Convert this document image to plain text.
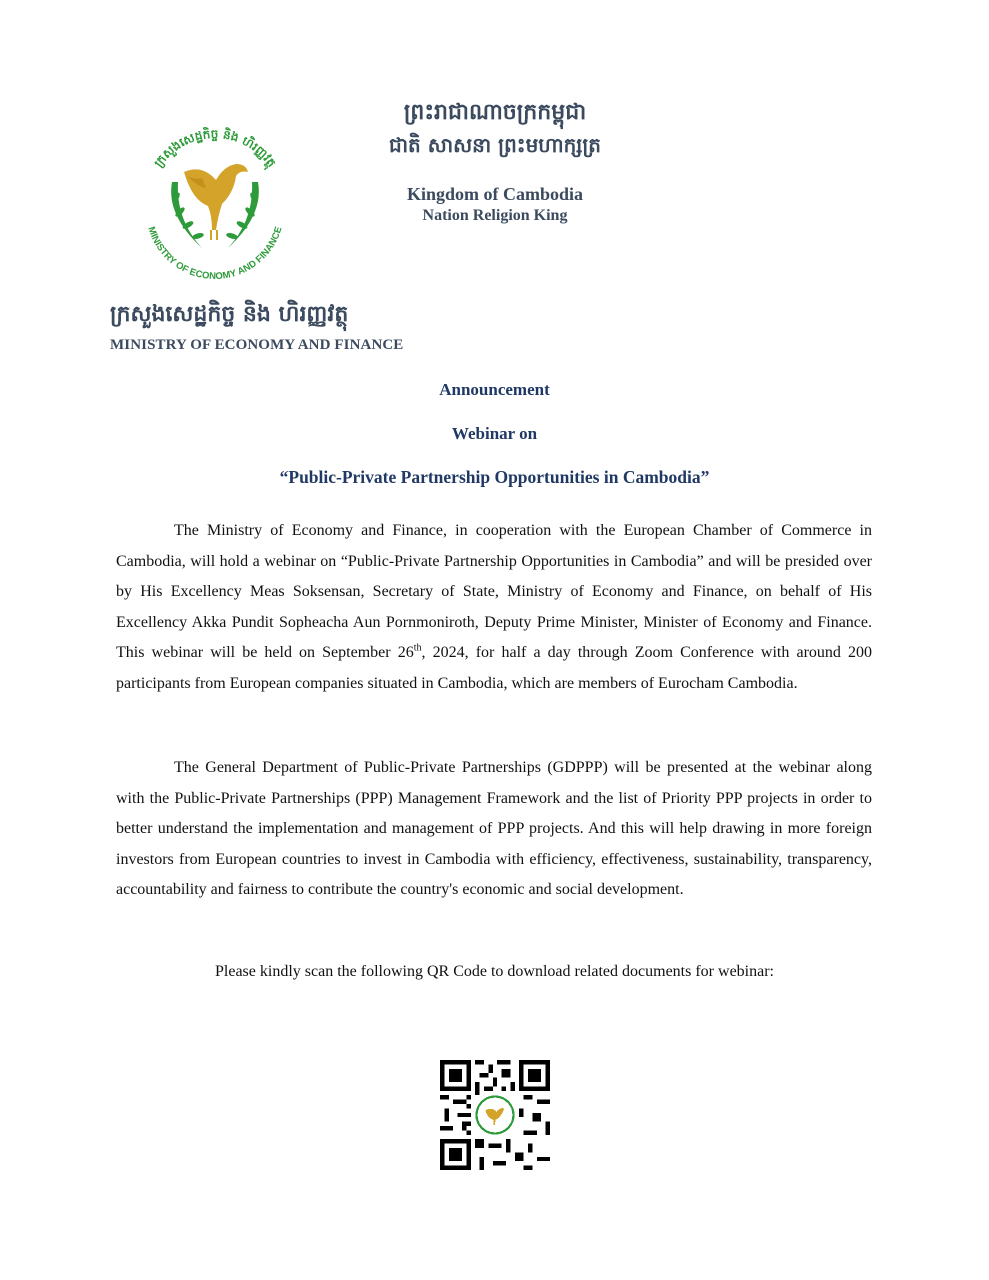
ក្រសួងសេដ្ឋកិច្ច និង ហិរញ្ញវត្ថុ
MINISTRY OF ECONOMY AND FINANCE
ព្រះរាជាណាចក្រកម្ពុជា
ជាតិ សាសនា ព្រះមហាក្សត្រ
Kingdom of Cambodia
Nation Religion King
ក្រសួងសេដ្ឋកិច្ច និង ហិរញ្ញវត្ថុ
MINISTRY OF ECONOMY AND FINANCE
Announcement
Webinar on
“Public-Private Partnership Opportunities in Cambodia”

The Ministry of Economy and Finance, in cooperation with the European Chamber of Commerce in Cambodia, will hold a webinar on “Public-Private Partnership Opportunities in Cambodia” and will be presided over by His Excellency Meas Soksensan, Secretary of State, Ministry of Economy and Finance, on behalf of His Excellency Akka Pundit Sopheacha Aun Pornmoniroth, Deputy Prime Minister, Minister of Economy and Finance. This webinar will be held on September 26th, 2024, for half a day through Zoom Conference with around 200 participants from European companies situated in Cambodia, which are members of Eurocham Cambodia.

The General Department of Public-Private Partnerships (GDPPP) will be presented at the webinar along with the Public-Private Partnerships (PPP) Management Framework and the list of Priority PPP projects in order to better understand the implementation and management of PPP projects. And this will help drawing in more foreign investors from European countries to invest in Cambodia with efficiency, effectiveness, sustainability, transparency, accountability and fairness to contribute the country's economic and social development.

Please kindly scan the following QR Code to download related documents for webinar:
